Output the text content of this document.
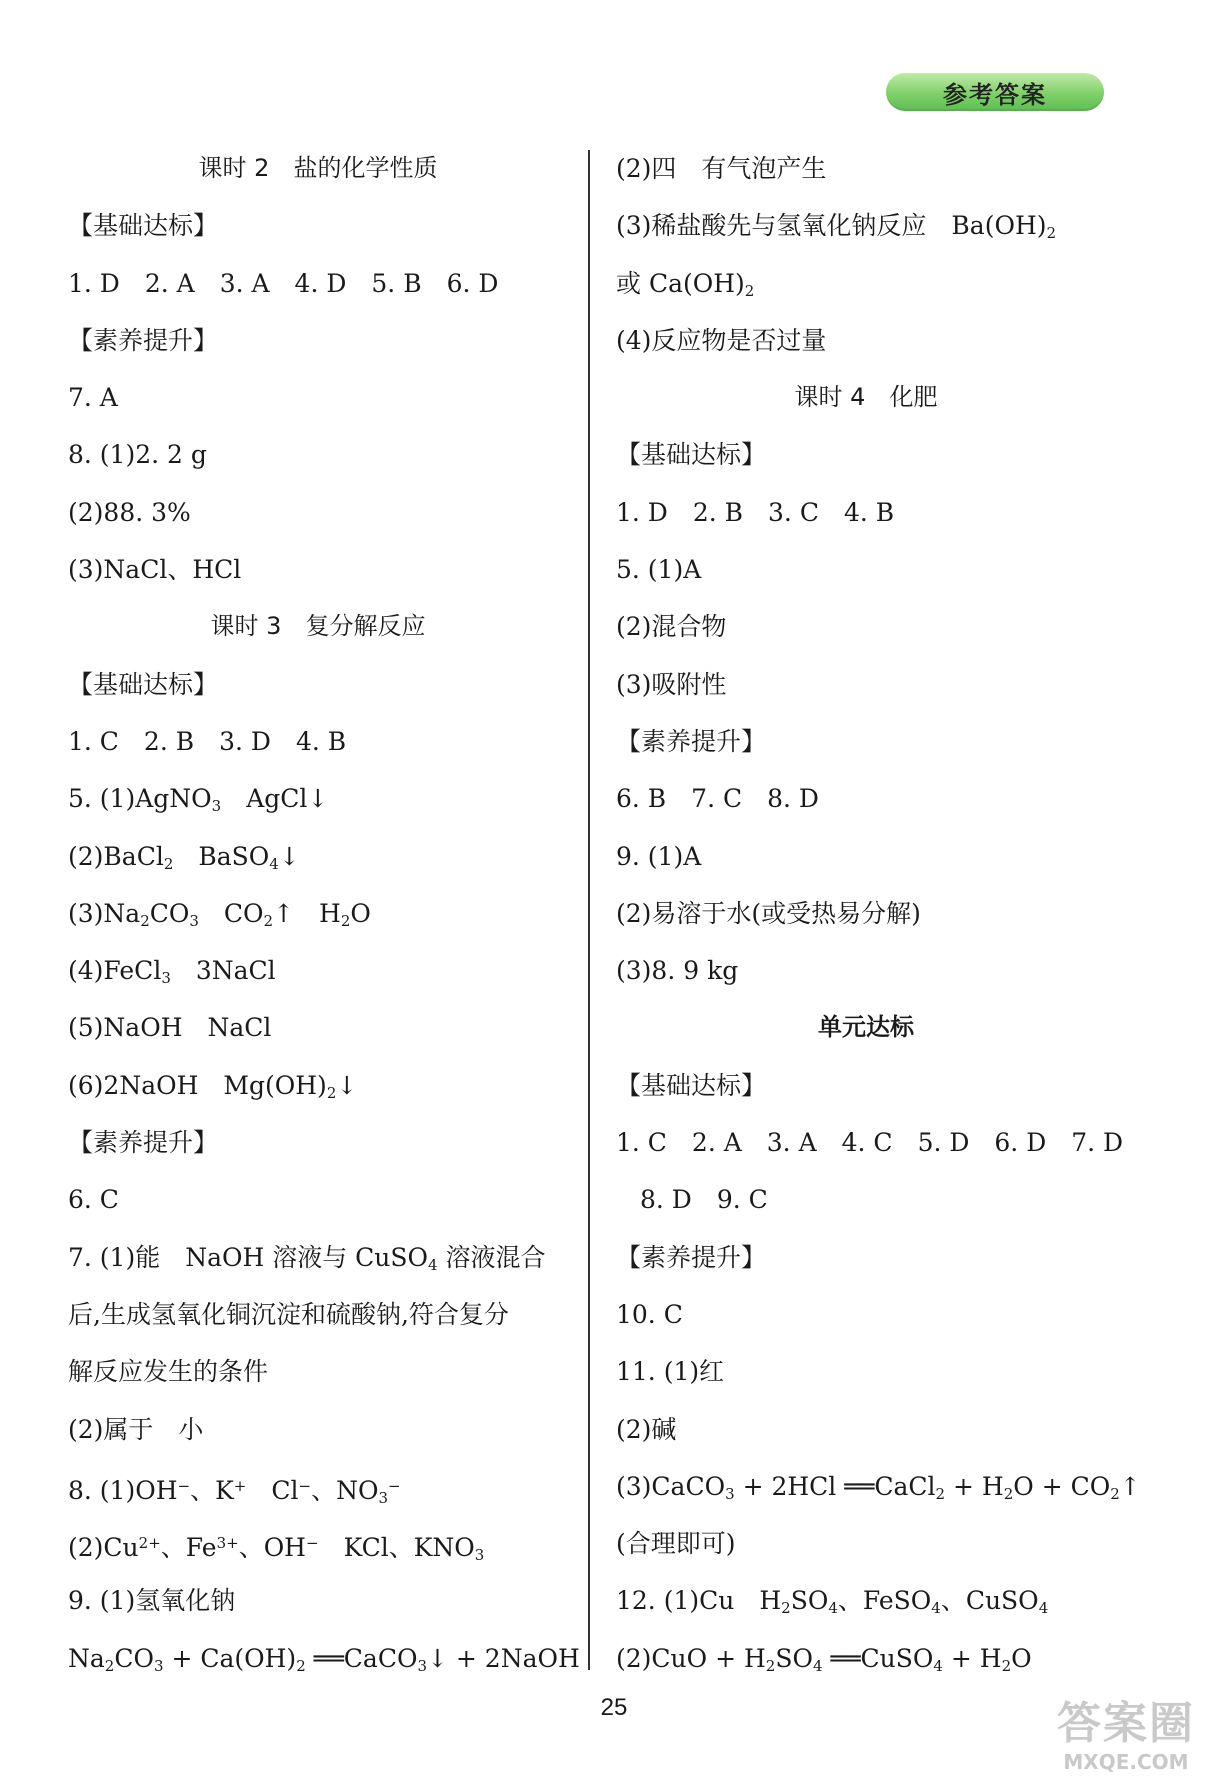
参考答案
课时 2　盐的化学性质
【基础达标】
1. D　2. A　3. A　4. D　5. B　6. D
【素养提升】
7. A
8. (1)2. 2 g
(2)88. 3%
(3)NaCl、HCl
课时 3　复分解反应
【基础达标】
1. C　2. B　3. D　4. B
5. (1)AgNO$_3$　AgCl↓
(2)BaCl$_2$　BaSO$_4$↓
$(3)Na_2CO_3$　$CO_2↑$　$H_2O$
(4)FeCl$_3$　3NaCl
(5)NaOH　NaCl
(6)2NaOH　$Mg(OH)_2↓$
【素养提升】
6. C
7. (1)能　NaOH 溶液与 CuSO$_4$ 溶液混合
后,生成氢氧化铜沉淀和硫酸钠,符合复分
解反应发生的条件
(2)属于　小
8. (1)OH−、K+　Cl−、$NO_3^-$
$(2)Cu^{2+}$、$Fe^{3+}$、OH−　KCl、$KNO_3$
9. (1)氢氧化钠
$Na_2CO_3 + Ca(OH)_2$ ══CaCO$_3$↓ + 2NaOH
(2)四　有气泡产生
(3)稀盐酸先与氢氧化钠反应　$Ba(OH)_2$
或 $Ca(OH)_2$
(4)反应物是否过量
课时 4　化肥
【基础达标】
1. D　2. B　3. C　4. B
5. (1)A
(2)混合物
(3)吸附性
【素养提升】
6. B　7. C　8. D
9. (1)A
(2)易溶于水(或受热易分解)
(3)8. 9 kg
单元达标
【基础达标】
1. C　2. A　3. A　4. C　5. D　6. D　7. D
8. D　9. C
【素养提升】
10. C
11. (1)红
(2)碱
(3)CaCO$_3$ + 2HCl ══CaCl$_2$ + $H_2O$ + $CO_2↑$
(合理即可)
12. (1)Cu　$H_2SO_4$、FeSO$_4$、CuSO$_4$
$(2)CuO + H_2SO_4$ ══CuSO$_4$ + $H_2O$
25	答案圈
MXQE.COM
